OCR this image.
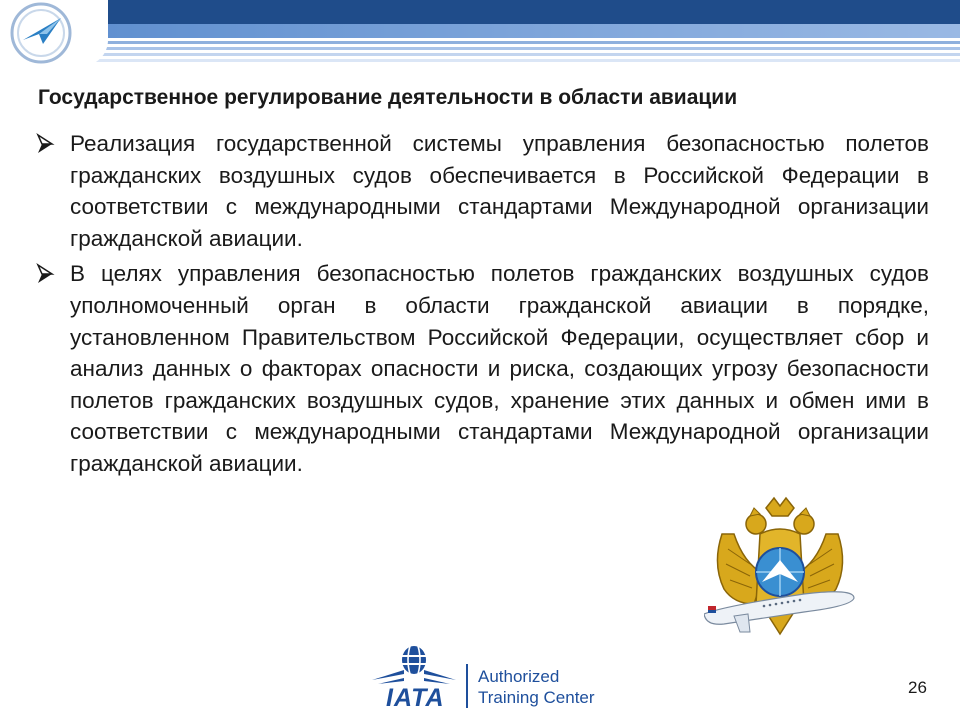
Государственное регулирование деятельности в области авиации
Реализация государственной системы управления безопасностью полетов гражданских воздушных судов обеспечивается в Российской Федерации в соответствии с международными стандартами Международной организации гражданской авиации.
В целях управления безопасностью полетов гражданских воздушных судов уполномоченный орган в области гражданской авиации в порядке, установленном Правительством Российской Федерации, осуществляет сбор и анализ данных о факторах опасности и риска, создающих угрозу безопасности полетов гражданских воздушных судов, хранение этих данных и обмен ими в соответствии с международными стандартами Международной организации гражданской авиации.
IATA
Authorized
Training Center
26
